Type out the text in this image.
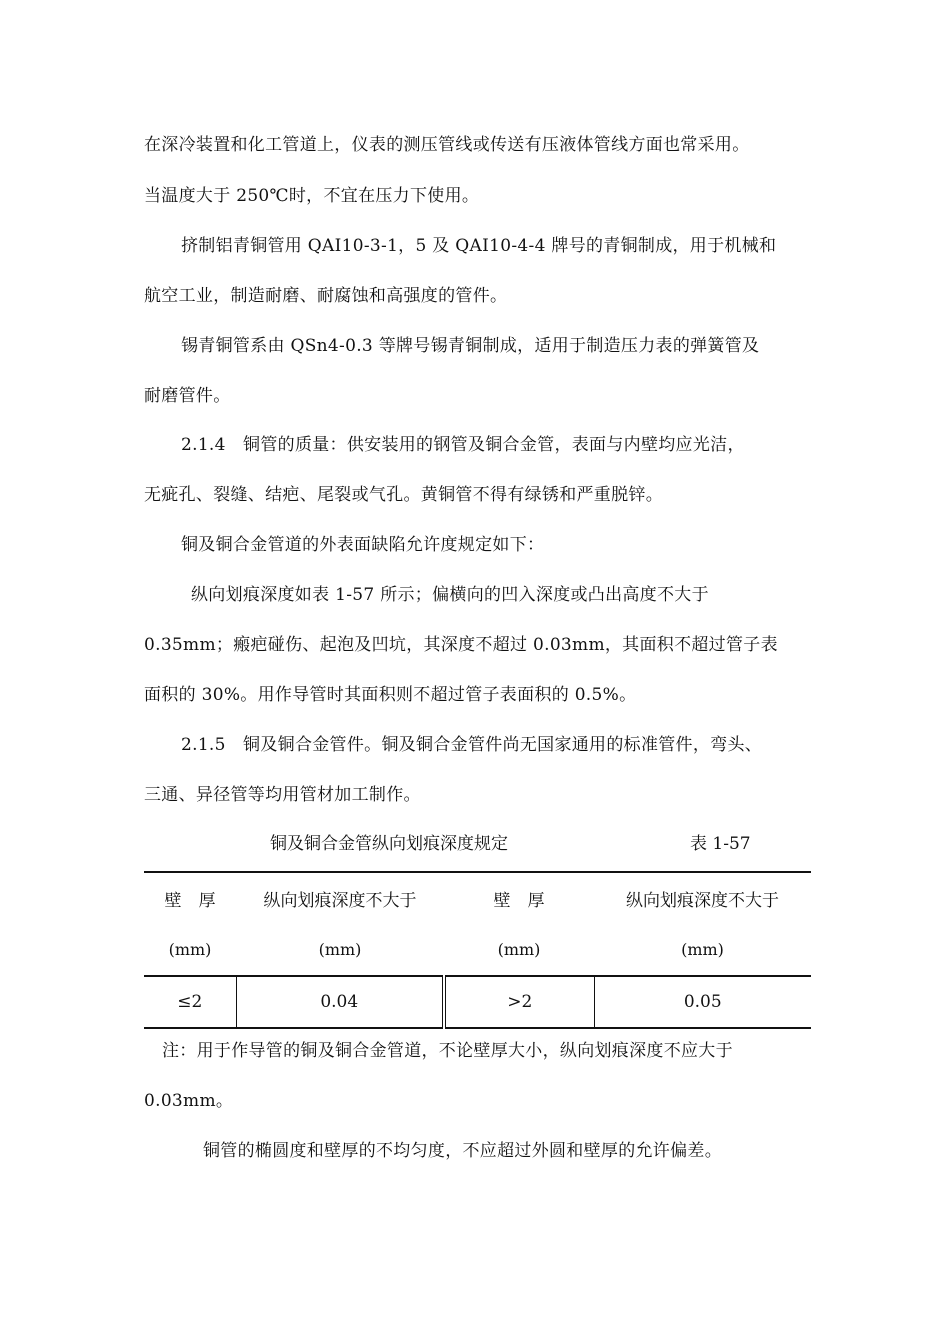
在深冷装置和化工管道上，仪表的测压管线或传送有压液体管线方面也常采用。
当温度大于 250℃时，不宜在压力下使用。
挤制铝青铜管用 QAI10-3-1，5 及 QAI10-4-4 牌号的青铜制成，用于机械和
航空工业，制造耐磨、耐腐蚀和高强度的管件。
锡青铜管系由 QSn4-0.3 等牌号锡青铜制成，适用于制造压力表的弹簧管及
耐磨管件。
2.1.4　铜管的质量：供安装用的钢管及铜合金管，表面与内壁均应光洁，
无疵孔、裂缝、结疤、尾裂或气孔。黄铜管不得有绿锈和严重脱锌。
铜及铜合金管道的外表面缺陷允许度规定如下：
纵向划痕深度如表 1-57 所示；偏横向的凹入深度或凸出高度不大于
0.35mm；瘢疤碰伤、起泡及凹坑，其深度不超过 0.03mm，其面积不超过管子表
面积的 30%。用作导管时其面积则不超过管子表面积的 0.5%。
2.1.5　铜及铜合金管件。铜及铜合金管件尚无国家通用的标准管件，弯头、
三通、异径管等均用管材加工制作。
铜及铜合金管纵向划痕深度规定	表 1-57
壁　厚	纵向划痕深度不大于	壁　厚	纵向划痕深度不大于
(mm)	(mm)	(mm)	(mm)
≤2	0.04	>2	0.05
注：用于作导管的铜及铜合金管道，不论壁厚大小，纵向划痕深度不应大于
0.03mm。
铜管的椭圆度和壁厚的不均匀度，不应超过外圆和壁厚的允许偏差。
